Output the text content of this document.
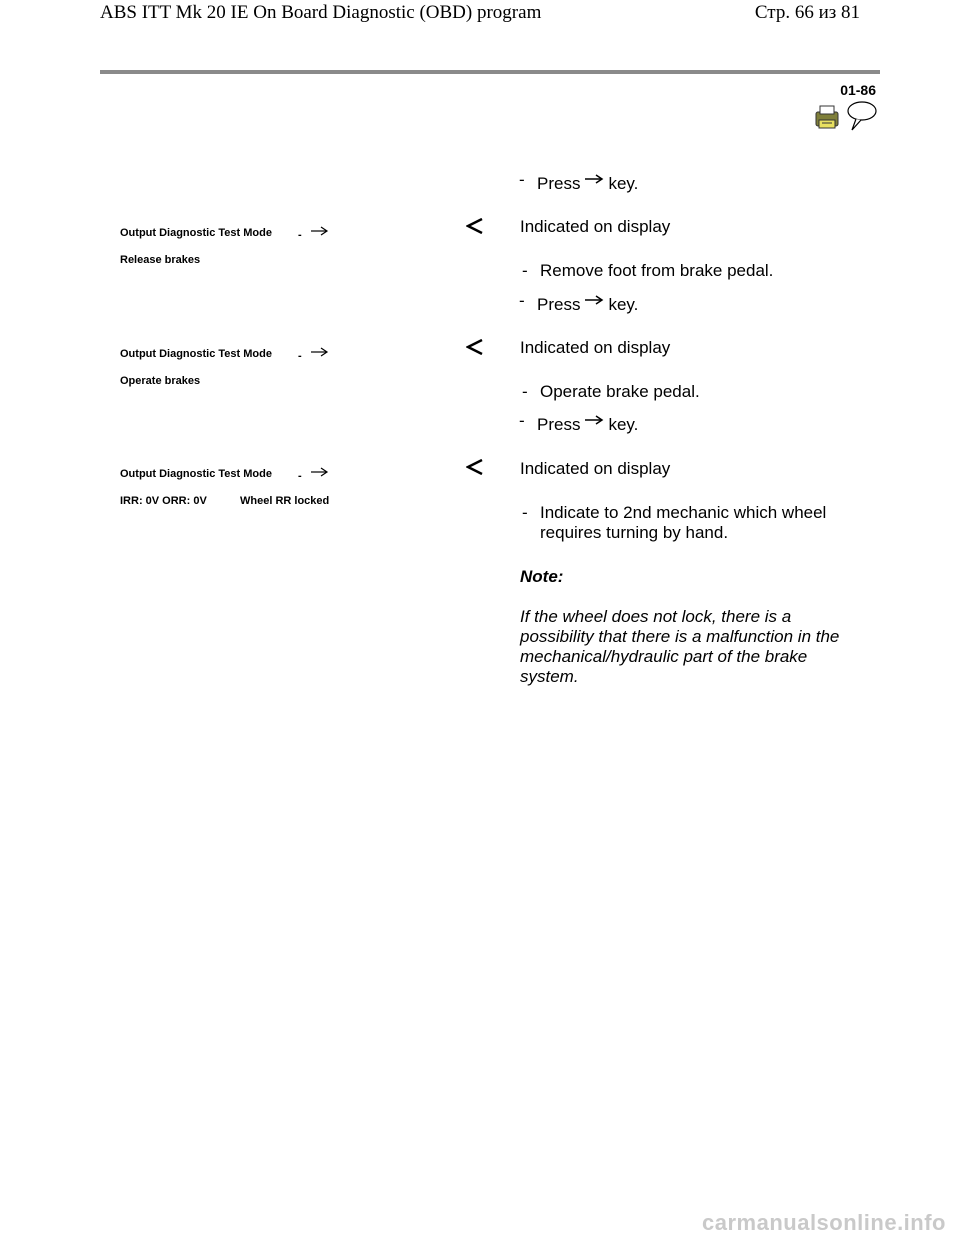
ABS ITT Mk 20 IE On Board Diagnostic (OBD) program	Стр. 66 из 81
01-86
- Press key.
Output Diagnostic Test Mode -
Release brakes
Indicated on display
- Remove foot from brake pedal.
- Press key.
Output Diagnostic Test Mode -
Operate brakes
Indicated on display
- Operate brake pedal.
- Press key.
Output Diagnostic Test Mode -
IRR: 0V ORR: 0V	Wheel RR locked
Indicated on display
- Indicate to 2nd mechanic which wheel
requires turning by hand.
Note:
If the wheel does not lock, there is a
possibility that there is a malfunction in the
mechanical/hydraulic part of the brake
system.
carmanualsonline.info
